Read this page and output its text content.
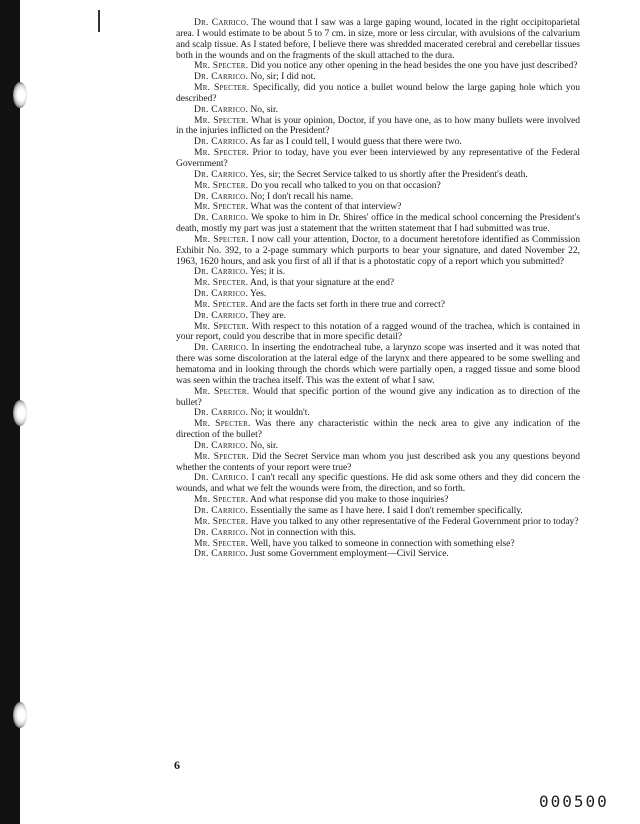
Dr. Carrico. The wound that I saw was a large gaping wound, located in the right occipitoparietal area. I would estimate to be about 5 to 7 cm. in size, more or less circular, with avulsions of the calvarium and scalp tissue. As I stated before, I believe there was shredded macerated cerebral and cerebellar tissues both in the wounds and on the fragments of the skull attached to the dura.

Mr. Specter. Did you notice any other opening in the head besides the one you have just described?

Dr. Carrico. No, sir; I did not.

Mr. Specter. Specifically, did you notice a bullet wound below the large gaping hole which you described?

Dr. Carrico. No, sir.

Mr. Specter. What is your opinion, Doctor, if you have one, as to how many bullets were involved in the injuries inflicted on the President?

Dr. Carrico. As far as I could tell, I would guess that there were two.

Mr. Specter. Prior to today, have you ever been interviewed by any representative of the Federal Government?

Dr. Carrico. Yes, sir; the Secret Service talked to us shortly after the President's death.

Mr. Specter. Do you recall who talked to you on that occasion?

Dr. Carrico. No; I don't recall his name.

Mr. Specter. What was the content of that interview?

Dr. Carrico. We spoke to him in Dr. Shires' office in the medical school concerning the President's death, mostly my part was just a statement that the written statement that I had submitted was true.

Mr. Specter. I now call your attention, Doctor, to a document heretofore identified as Commission Exhibit No. 392, to a 2-page summary which purports to bear your signature, and dated November 22, 1963, 1620 hours, and ask you first of all if that is a photostatic copy of a report which you submitted?

Dr. Carrico. Yes; it is.

Mr. Specter. And, is that your signature at the end?

Dr. Carrico. Yes.

Mr. Specter. And are the facts set forth in there true and correct?

Dr. Carrico. They are.

Mr. Specter. With respect to this notation of a ragged wound of the trachea, which is contained in your report, could you describe that in more specific detail?

Dr. Carrico. In inserting the endotracheal tube, a larynzo scope was inserted and it was noted that there was some discoloration at the lateral edge of the larynx and there appeared to be some swelling and hematoma and in looking through the chords which were partially open, a ragged tissue and some blood was seen within the trachea itself. This was the extent of what I saw.

Mr. Specter. Would that specific portion of the wound give any indication as to direction of the bullet?

Dr. Carrico. No; it wouldn't.

Mr. Specter. Was there any characteristic within the neck area to give any indication of the direction of the bullet?

Dr. Carrico. No, sir.

Mr. Specter. Did the Secret Service man whom you just described ask you any questions beyond whether the contents of your report were true?

Dr. Carrico. I can't recall any specific questions. He did ask some others and they did concern the wounds, and what we felt the wounds were from, the direction, and so forth.

Mr. Specter. And what response did you make to those inquiries?

Dr. Carrico. Essentially the same as I have here. I said I don't remember specifically.

Mr. Specter. Have you talked to any other representative of the Federal Government prior to today?

Dr. Carrico. Not in connection with this.

Mr. Specter. Well, have you talked to someone in connection with something else?

Dr. Carrico. Just some Government employment—Civil Service.

6
000500
